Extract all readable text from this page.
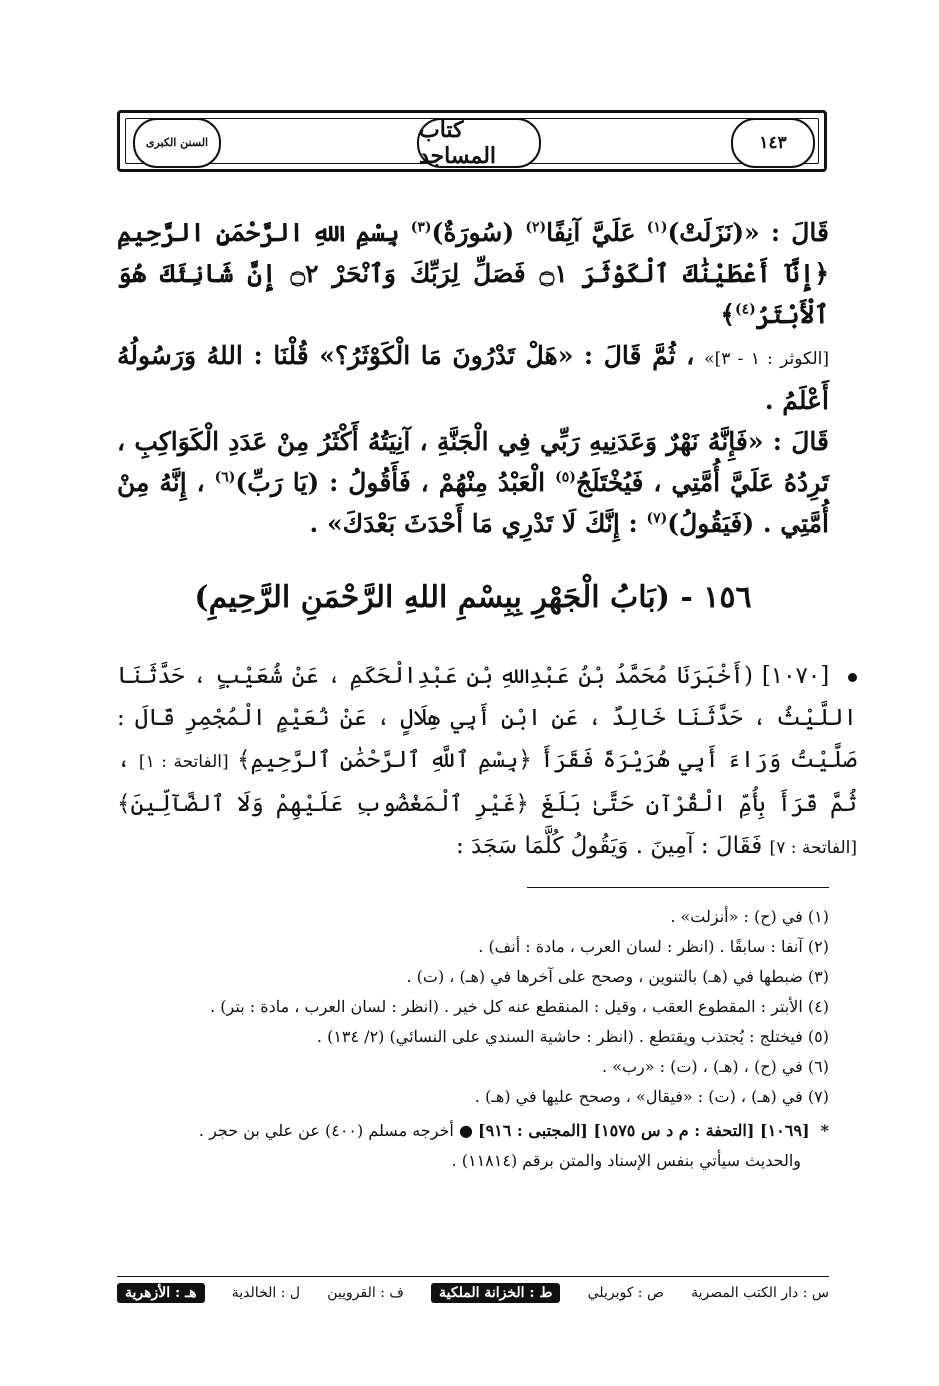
السنن الكبرى	كتاب المساجد	١٤٣

قَالَ : «(نَزَلَتْ)$^{(١)}$ عَلَيَّ آنِفًا$^{(٢)}$ (سُورَةٌ)$^{(٣)}$ بِسْمِ اللهِ الرَّحْمَنِ الرَّحِيمِ ﴿إِنَّآ أَعْطَيْنَٰكَ ٱلْكَوْثَرَ ۝١ فَصَلِّ لِرَبِّكَ وَٱنْحَرْ ۝٢ إِنَّ شَانِئَكَ هُوَ ٱلْأَبْتَرُ$^{(٤)}$﴾

[الكوثر : ١ - ٣]» ، ثُمَّ قَالَ : «هَلْ تَدْرُونَ مَا الْكَوْثَرُ؟» قُلْنَا : اللهُ وَرَسُولُهُ أَعْلَمُ .

قَالَ : «فَإِنَّهُ نَهْرٌ وَعَدَنِيهِ رَبِّي فِي الْجَنَّةِ ، آنِيَتُهُ أَكْثَرُ مِنْ عَدَدِ الْكَوَاكِبِ ، تَرِدُهُ عَلَيَّ أُمَّتِي ، فَيُخْتَلَجُ$^{(٥)}$ الْعَبْدُ مِنْهُمْ ، فَأَقُولُ : (يَا رَبِّ)$^{(٦)}$ ، إِنَّهُ مِنْ أُمَّتِي . (فَيَقُولُ)$^{(٧)}$ : إِنَّكَ لَا تَدْرِي مَا أَحْدَثَ بَعْدَكَ» .

١٥٦ - (بَابُ الْجَهْرِ بِبِسْمِ اللهِ الرَّحْمَنِ الرَّحِيمِ)

[١٠٧٠] (أَخْبَرَنَا مُحَمَّدُ بْنُ عَبْدِاللهِ بْنِ عَبْدِالْحَكَمِ ، عَنْ شُعَيْبٍ ، حَدَّثَنَا اللَّيْثُ ، حَدَّثَنَا خَالِدٌ ، عَنِ ابْنِ أَبِي هِلَالٍ ، عَنْ نُعَيْمٍ الْمُجْمِرِ قَالَ : صَلَّيْتُ وَرَاءَ أَبِي هُرَيْرَةَ فَقَرَأَ ﴿بِسْمِ ٱللَّهِ ٱلرَّحْمَٰنِ ٱلرَّحِيمِ﴾ [الفاتحة : ١] ، ثُمَّ قَرَأَ بِأُمِّ الْقُرْآنِ حَتَّىٰ بَلَغَ ﴿غَيْرِ ٱلْمَغْضُوبِ عَلَيْهِمْ وَلَا ٱلضَّآلِّينَ﴾ [الفاتحة : ٧] فَقَالَ : آمِينَ . وَيَقُولُ كُلَّمَا سَجَدَ :

(١) في (ح) : «أنزلت» .

(٢) آنفا : سابقًا . (انظر : لسان العرب ، مادة : أنف) .

(٣) ضبطها في (هـ) بالتنوين ، وصحح على آخرها في (هـ) ، (ت) .

(٤) الأبتر : المقطوع العقب ، وقيل : المنقطع عنه كل خير . (انظر : لسان العرب ، مادة : بتر) .

(٥) فيختلج : يُجتذب ويقتطع . (انظر : حاشية السندي على النسائي) (٢/ ١٣٤) .

(٦) في (ح) ، (هـ) ، (ت) : «رب» .

(٧) في (هـ) ، (ت) : «فيقال» ، وصحح عليها في (هـ) .

* [١٠٦٩] [التحفة : م د س ١٥٧٥] [المجتبى : ٩١٦] ● أخرجه مسلم (٤٠٠) عن علي بن حجر .

والحديث سيأتي بنفس الإسناد والمتن برقم (١١٨١٤) .

س : دار الكتب المصرية
ص : كوبريلي
ط : الخزانة الملكية
ف : القرويين
ل : الخالدية
هـ : الأزهرية
